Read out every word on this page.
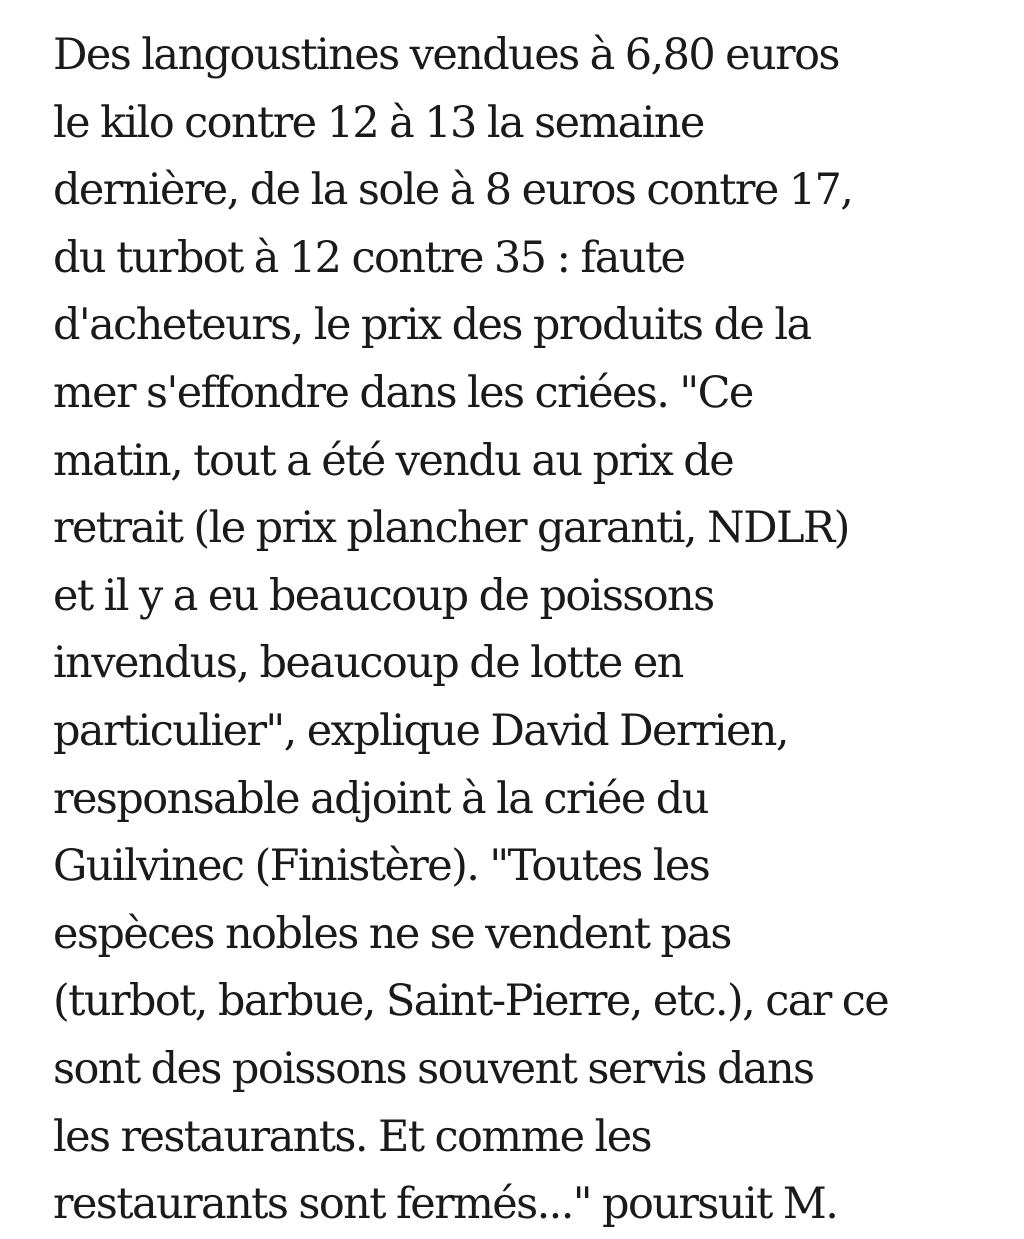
Des langoustines vendues à 6,80 euros
le kilo contre 12 à 13 la semaine
dernière, de la sole à 8 euros contre 17,
du turbot à 12 contre 35 : faute
d'acheteurs, le prix des produits de la
mer s'effondre dans les criées. "Ce
matin, tout a été vendu au prix de
retrait (le prix plancher garanti, NDLR)
et il y a eu beaucoup de poissons
invendus, beaucoup de lotte en
particulier", explique David Derrien,
responsable adjoint à la criée du
Guilvinec (Finistère). "Toutes les
espèces nobles ne se vendent pas
(turbot, barbue, Saint-Pierre, etc.), car ce
sont des poissons souvent servis dans
les restaurants. Et comme les
restaurants sont fermés..." poursuit M.
